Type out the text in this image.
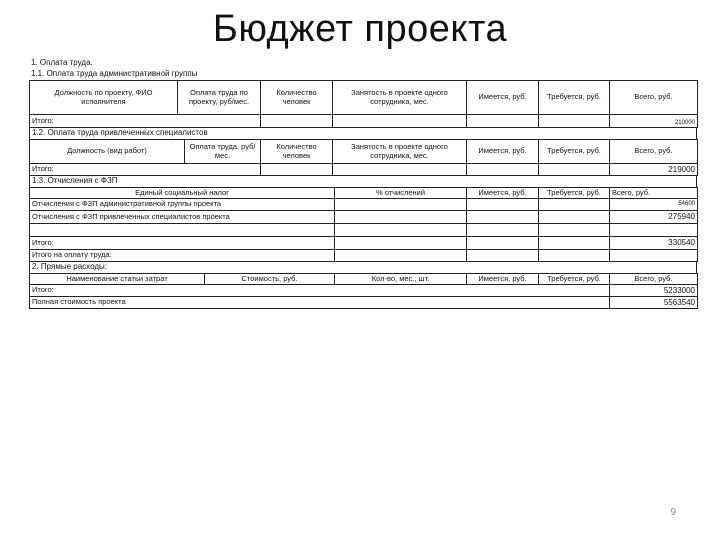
Бюджет проекта
1. Оплата труда.
1.1. Оплата труда административной группы
Должность по проекту, ФИО исполнителя	Оплата труда по проекту, руб/мес.	Количество человек	Занятость в проекте одного сотрудника, мес.	Имеется, руб.	Требуется, руб.	Всего, руб.
Итого:						210000
1.2. Оплата труда привлеченных специалистов
Должность (вид работ)	Оплата труда, руб/мес.	Количество человек	Занятость в проекте одного сотрудника, мес.	Имеется, руб.	Требуется, руб.	Всего, руб.
Итого:						219000
1.3. Отчисления с ФЗП
Единый социальный налог	% отчислений	Имеется, руб.	Требуется, руб.	Всего, руб.
Отчисления с ФЗП административной группы проекта				54600
Отчисления с ФЗП привлеченных специалистов проекта				275940

Итого:				330540
Итого на оплату труда:				
2. Прямые расходы:
Наименование статьи затрат	Стоимость, руб.	Кол-во, мес., шт.	Имеется, руб.	Требуется, руб.	Всего, руб.
Итого:					5233000
Полная стоимость проекта					5563540
9
